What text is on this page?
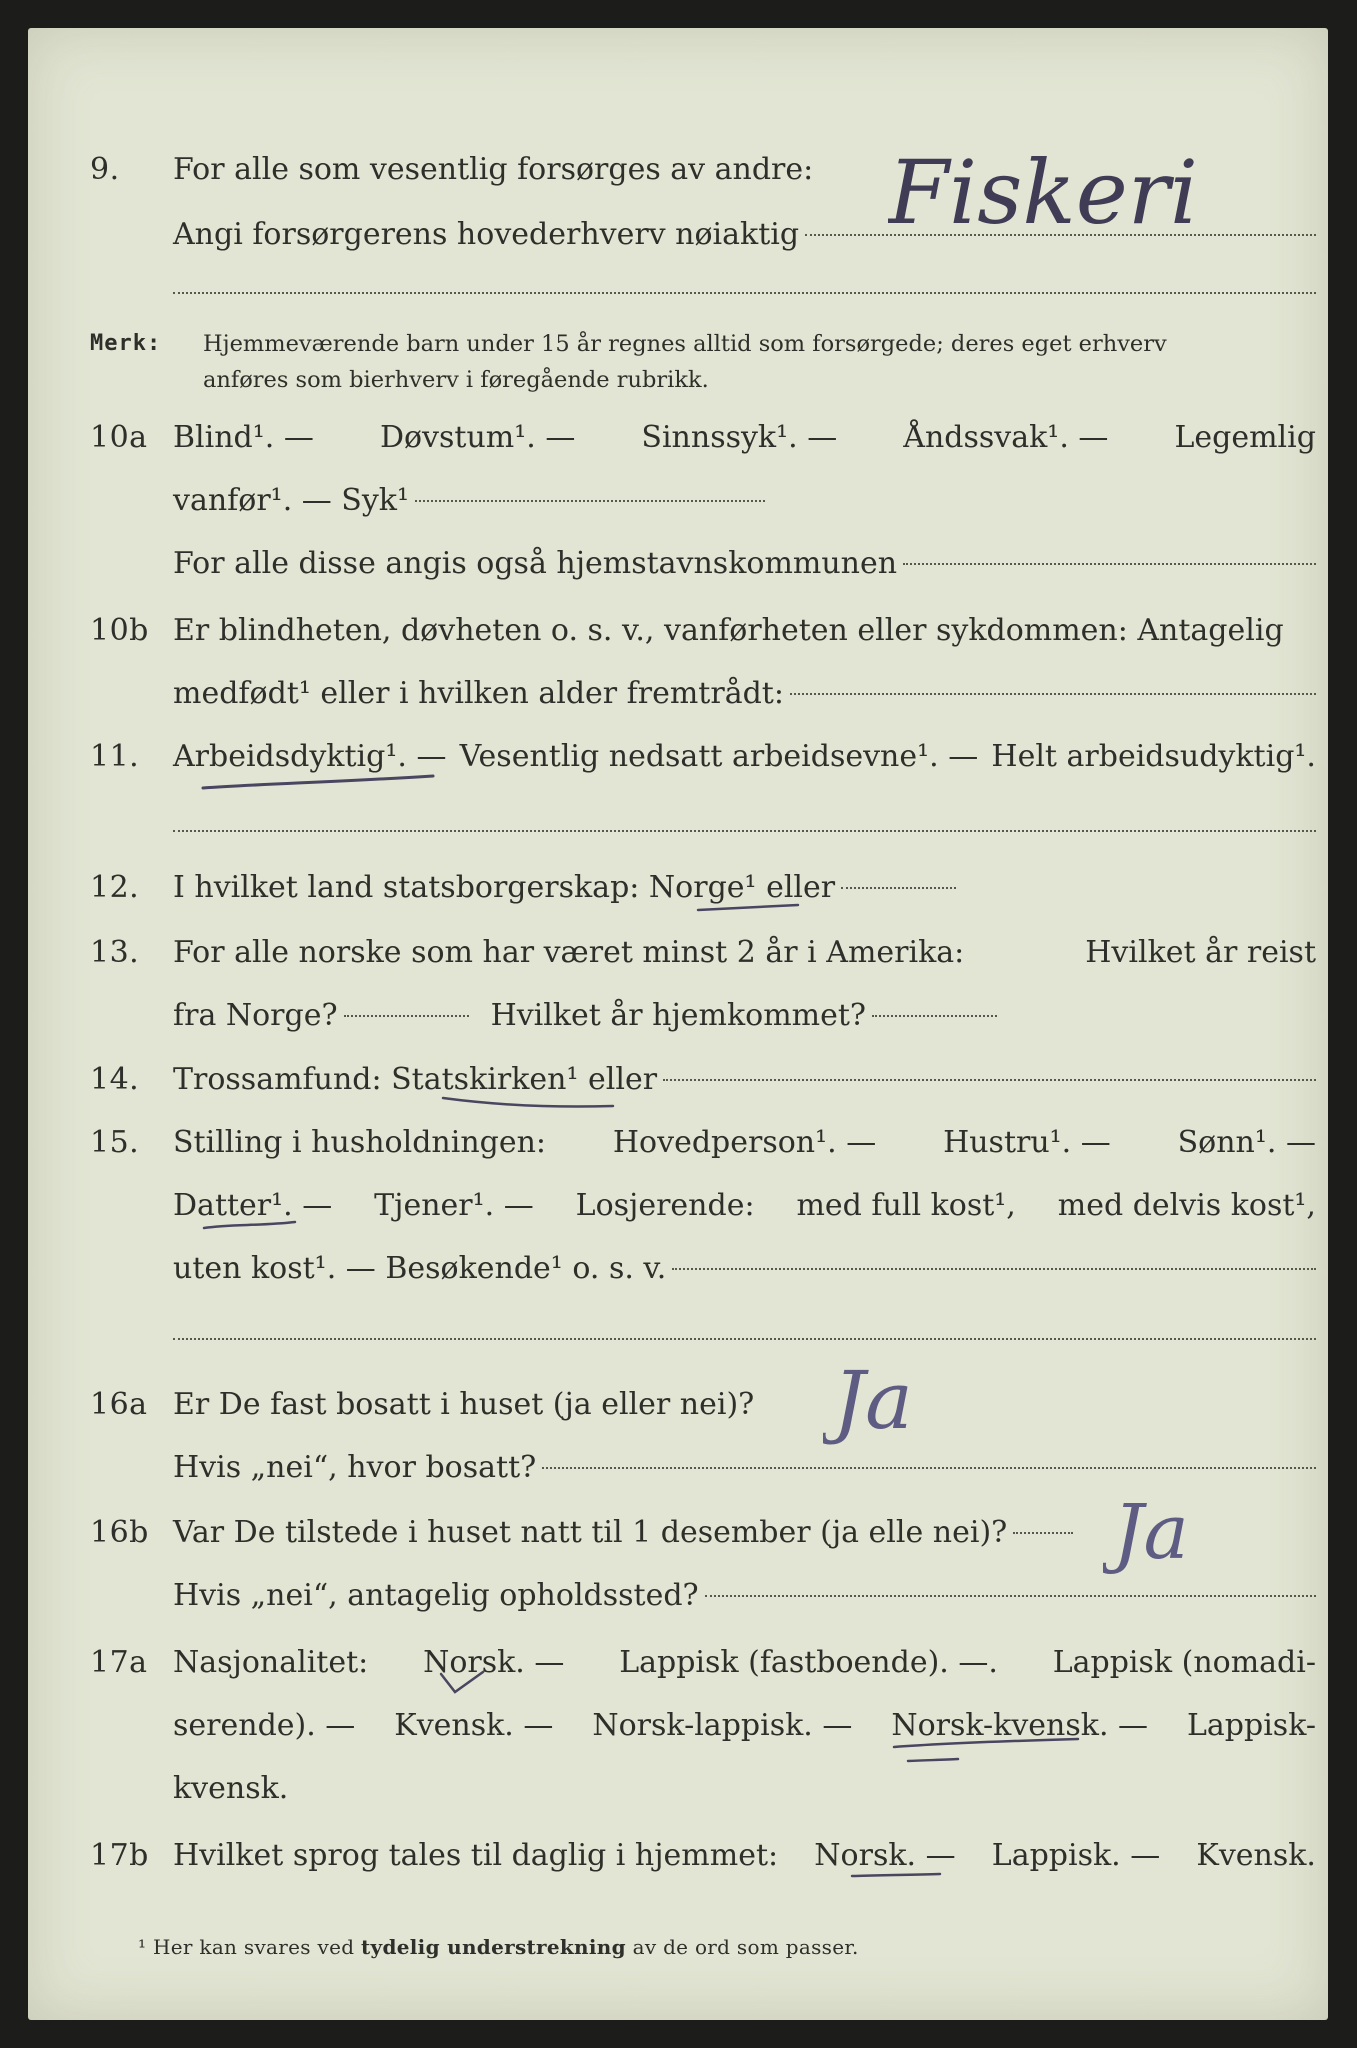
9.	For alle som vesentlig forsørges av andre:
Angi forsørgerens hovederhverv nøiaktig Fiskeri
Merk: Hjemmeværende barn under 15 år regnes alltid som forsørgede; deres eget erhverv
anføres som bierhverv i føregående rubrikk.
10a Blind¹. — Døvstum¹. — Sinnssyk¹. — Åndssvak¹. — Legemlig
vanfør¹. — Syk¹
For alle disse angis også hjemstavnskommunen
10b Er blindheten, døvheten o. s. v., vanførheten eller sykdommen: Antagelig
medfødt¹ eller i hvilken alder fremtrådt:
11.	Arbeidsdyktig¹. — Vesentlig nedsatt arbeidsevne¹. — Helt arbeidsudyktig¹.
12.	I hvilket land statsborgerskap: Norge¹ eller
13.	For alle norske som har været minst 2 år i Amerika:	Hvilket år reist
fra Norge?	Hvilket år hjemkommet?
14.	Trossamfund: Statskirken¹ eller
15.	Stilling i husholdningen: Hovedperson¹. — Hustru¹. — Sønn¹. —
Datter¹. — Tjener¹. — Losjerende: med full kost¹, med delvis kost¹,
uten kost¹. — Besøkende¹ o. s. v.
16a Er De fast bosatt i huset (ja eller nei)? Ja
Hvis „nei“, hvor bosatt?
16b Var De tilstede i huset natt til 1 desember (ja elle nei)? Ja
Hvis „nei“, antagelig opholdssted?
17a Nasjonalitet: Norsk. — Lappisk (fastboende). —. Lappisk (nomadi-
serende). — Kvensk. — Norsk-lappisk. — Norsk-kvensk. — Lappisk-
kvensk.
17b Hvilket sprog tales til daglig i hjemmet: Norsk. — Lappisk. — Kvensk.
¹ Her kan svares ved tydelig understrekning av de ord som passer.
